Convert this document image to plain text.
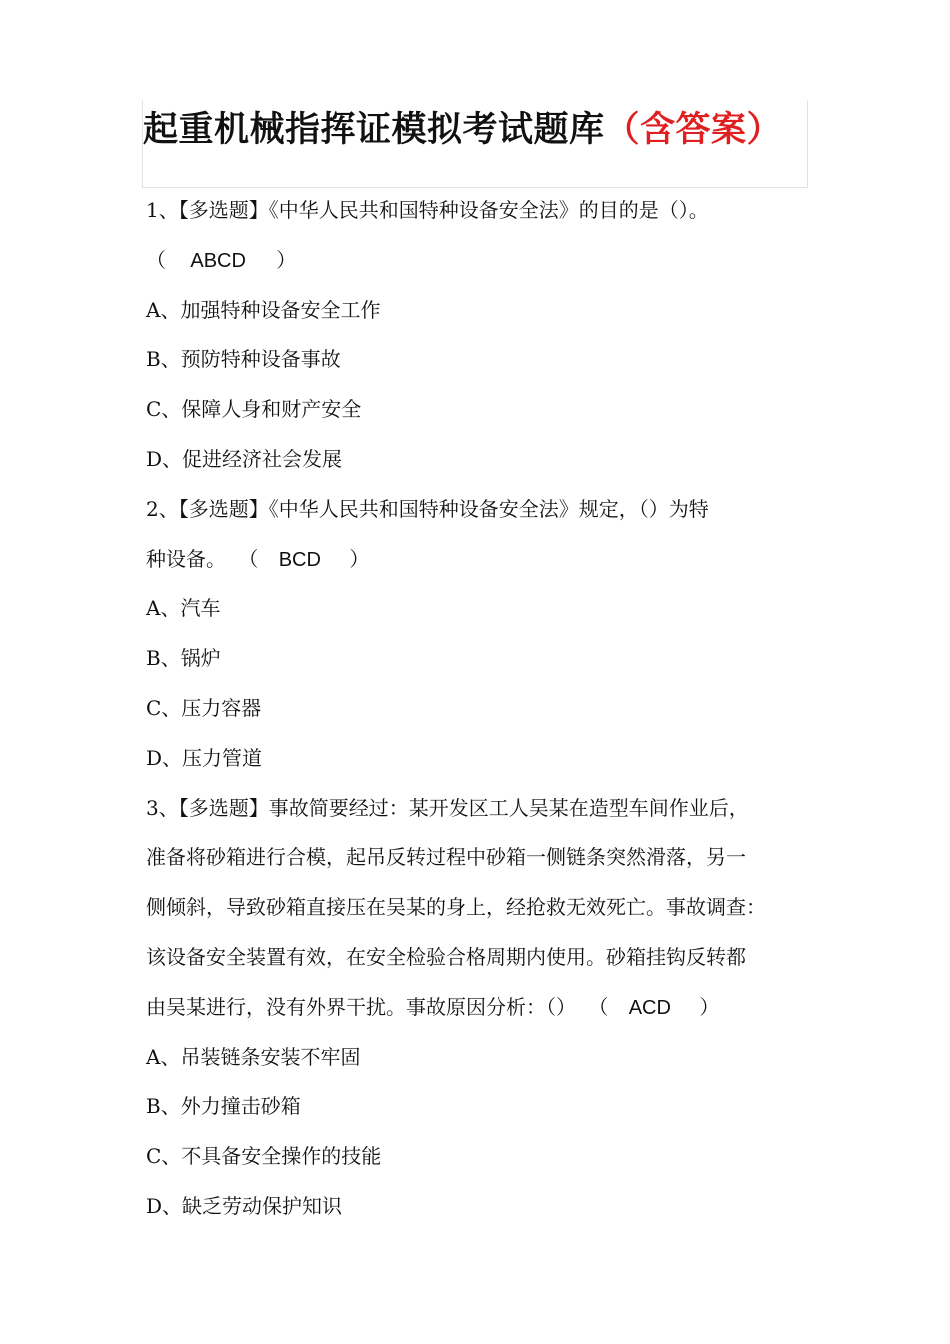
起重机械指挥证模拟考试题库（含答案）
1、【多选题】《中华人民共和国特种设备安全法》的目的是（）。
（ ABCD ）
A、加强特种设备安全工作
B、预防特种设备事故
C、保障人身和财产安全
D、促进经济社会发展
2、【多选题】《中华人民共和国特种设备安全法》规定，（）为特
种设备。 （ BCD ）
A、汽车
B、锅炉
C、压力容器
D、压力管道
3、【多选题】事故简要经过：某开发区工人吴某在造型车间作业后，
准备将砂箱进行合模，起吊反转过程中砂箱一侧链条突然滑落，另一
侧倾斜，导致砂箱直接压在吴某的身上，经抢救无效死亡。事故调查：
该设备安全装置有效，在安全检验合格周期内使用。砂箱挂钩反转都
由吴某进行，没有外界干扰。事故原因分析：（） （ ACD ）
A、吊装链条安装不牢固
B、外力撞击砂箱
C、不具备安全操作的技能
D、缺乏劳动保护知识
